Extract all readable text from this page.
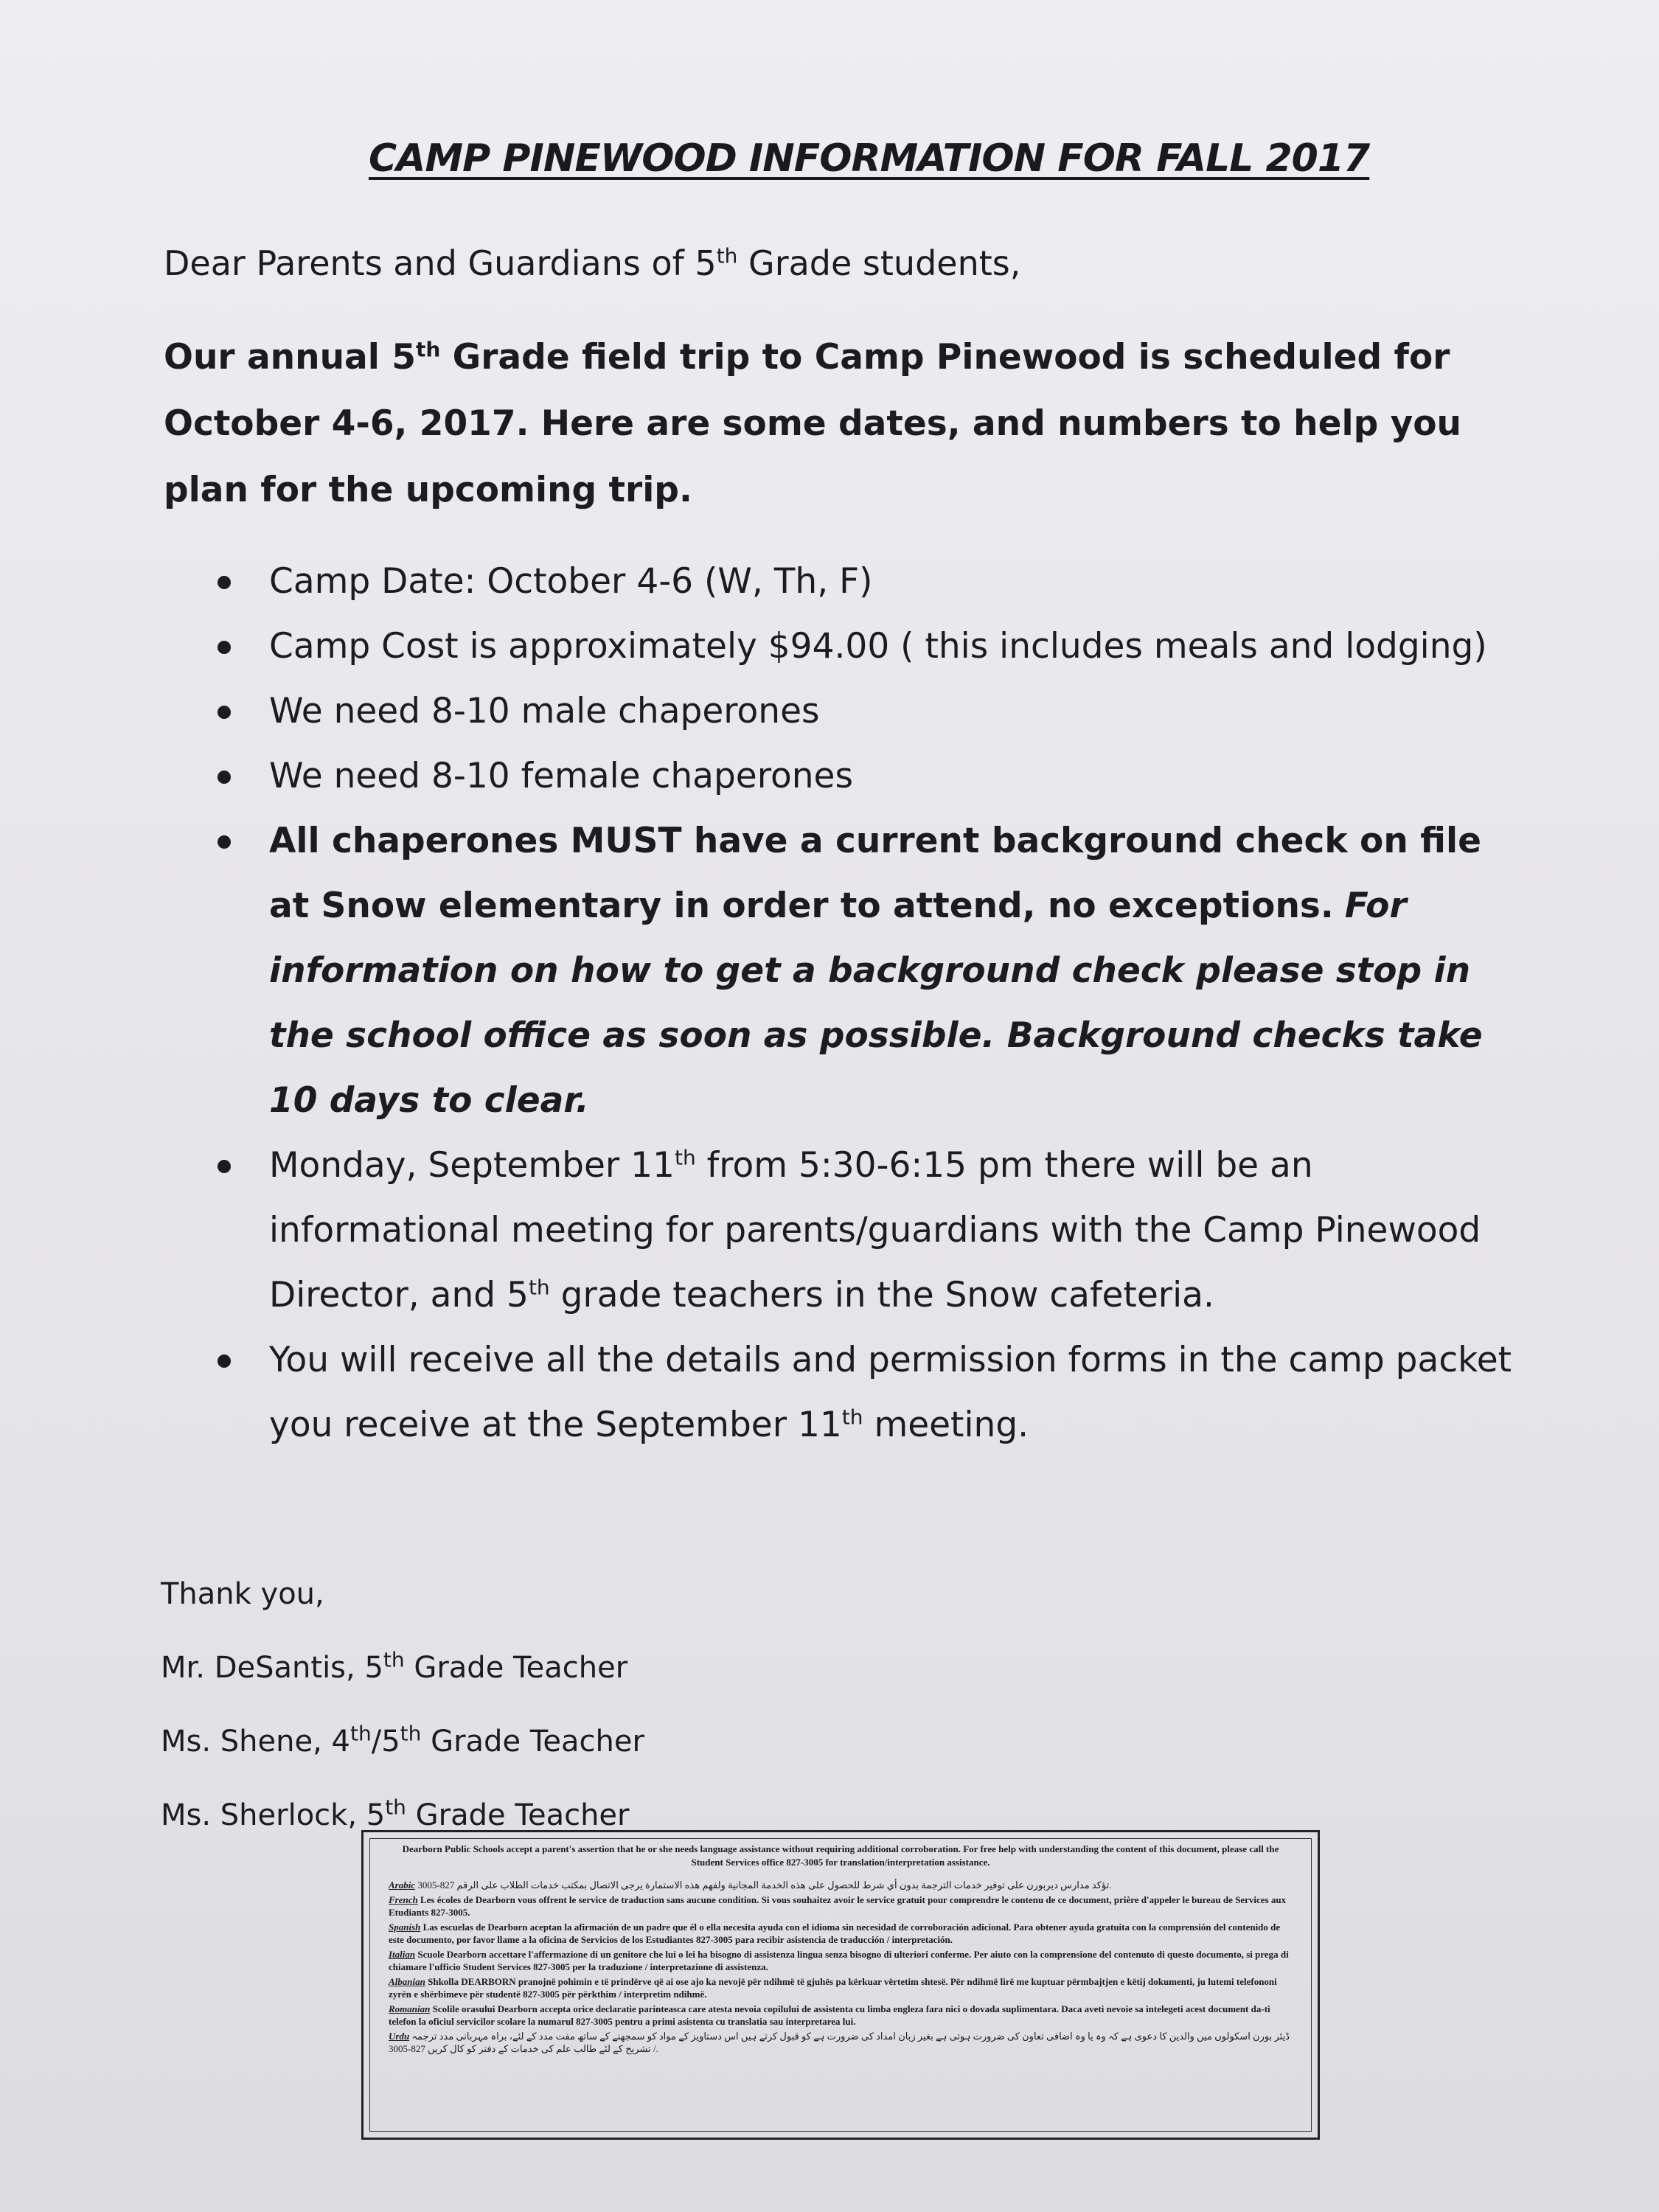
CAMP PINEWOOD INFORMATION FOR FALL 2017
Dear Parents and Guardians of 5th Grade students,
Our annual 5th Grade field trip to Camp Pinewood is scheduled for October 4-6, 2017. Here are some dates, and numbers to help you plan for the upcoming trip.
Camp Date: October 4-6 (W, Th, F)
Camp Cost is approximately $94.00 ( this includes meals and lodging)
We need 8-10 male chaperones
We need 8-10 female chaperones
All chaperones MUST have a current background check on file at Snow elementary in order to attend, no exceptions. For information on how to get a background check please stop in the school office as soon as possible. Background checks take 10 days to clear.
Monday, September 11th from 5:30-6:15 pm there will be an informational meeting for parents/guardians with the Camp Pinewood Director, and 5th grade teachers in the Snow cafeteria.
You will receive all the details and permission forms in the camp packet you receive at the September 11th meeting.
Thank you,
Mr. DeSantis, 5th Grade Teacher
Ms. Shene, 4th/5th Grade Teacher
Ms. Sherlock, 5th Grade Teacher

Dearborn Public Schools accept a parent's assertion that he or she needs language assistance without requiring additional corroboration. For free help with understanding the content of this document, please call the Student Services office 827-3005 for translation/interpretation assistance.

Arabic تؤكد مدارس ديربورن على توفير خدمات الترجمة بدون أي شرط للحصول على هذه الخدمة المجانية ولفهم هذه الاستمارة يرجى الاتصال بمكتب خدمات الطلاب على الرقم 827-3005.

French Les écoles de Dearborn vous offrent le service de traduction sans aucune condition. Si vous souhaitez avoir le service gratuit pour comprendre le contenu de ce document, prière d'appeler le bureau de Services aux Etudiants 827-3005.

Spanish Las escuelas de Dearborn aceptan la afirmación de un padre que él o ella necesita ayuda con el idioma sin necesidad de corroboración adicional. Para obtener ayuda gratuita con la comprensión del contenido de este documento, por favor llame a la oficina de Servicios de los Estudiantes 827-3005 para recibir asistencia de traducción / interpretación.

Italian Scuole Dearborn accettare l'affermazione di un genitore che lui o lei ha bisogno di assistenza lingua senza bisogno di ulteriori conferme. Per aiuto con la comprensione del contenuto di questo documento, si prega di chiamare l'ufficio Student Services 827-3005 per la traduzione / interpretazione di assistenza.

Albanian Shkolla DEARBORN pranojnë pohimin e të prindërve që ai ose ajo ka nevojë për ndihmë të gjuhës pa kërkuar vërtetim shtesë. Për ndihmë lirë me kuptuar përmbajtjen e këtij dokumenti, ju lutemi telefononi zyrën e shërbimeve për studentë 827-3005 për përkthim / interpretim ndihmë.

Romanian Scolile orasului Dearborn accepta orice declaratie parinteasca care atesta nevoia copilului de assistenta cu limba engleza fara nici o dovada suplimentara. Daca aveti nevoie sa intelegeti acest document da-ti telefon la oficiul servicilor scolare la numarul 827-3005 pentru a primi asistenta cu translatia sau interpretarea lui.

Urdu ڈیئر بورن اسکولوں میں والدین کا دعوی ہے کہ وہ یا وہ اضافی تعاون کی ضرورت ہوتی ہے بغیر زبان امداد کی ضرورت ہے کو قبول کرتے ہیں اس دستاویز کے مواد کو سمجھنے کے ساتھ مفت مدد کے لئے، براہ مہربانی مدد ترجمہ / تشریح کے لئے طالب علم کی خدمات کے دفتر کو کال کریں 827-3005.
